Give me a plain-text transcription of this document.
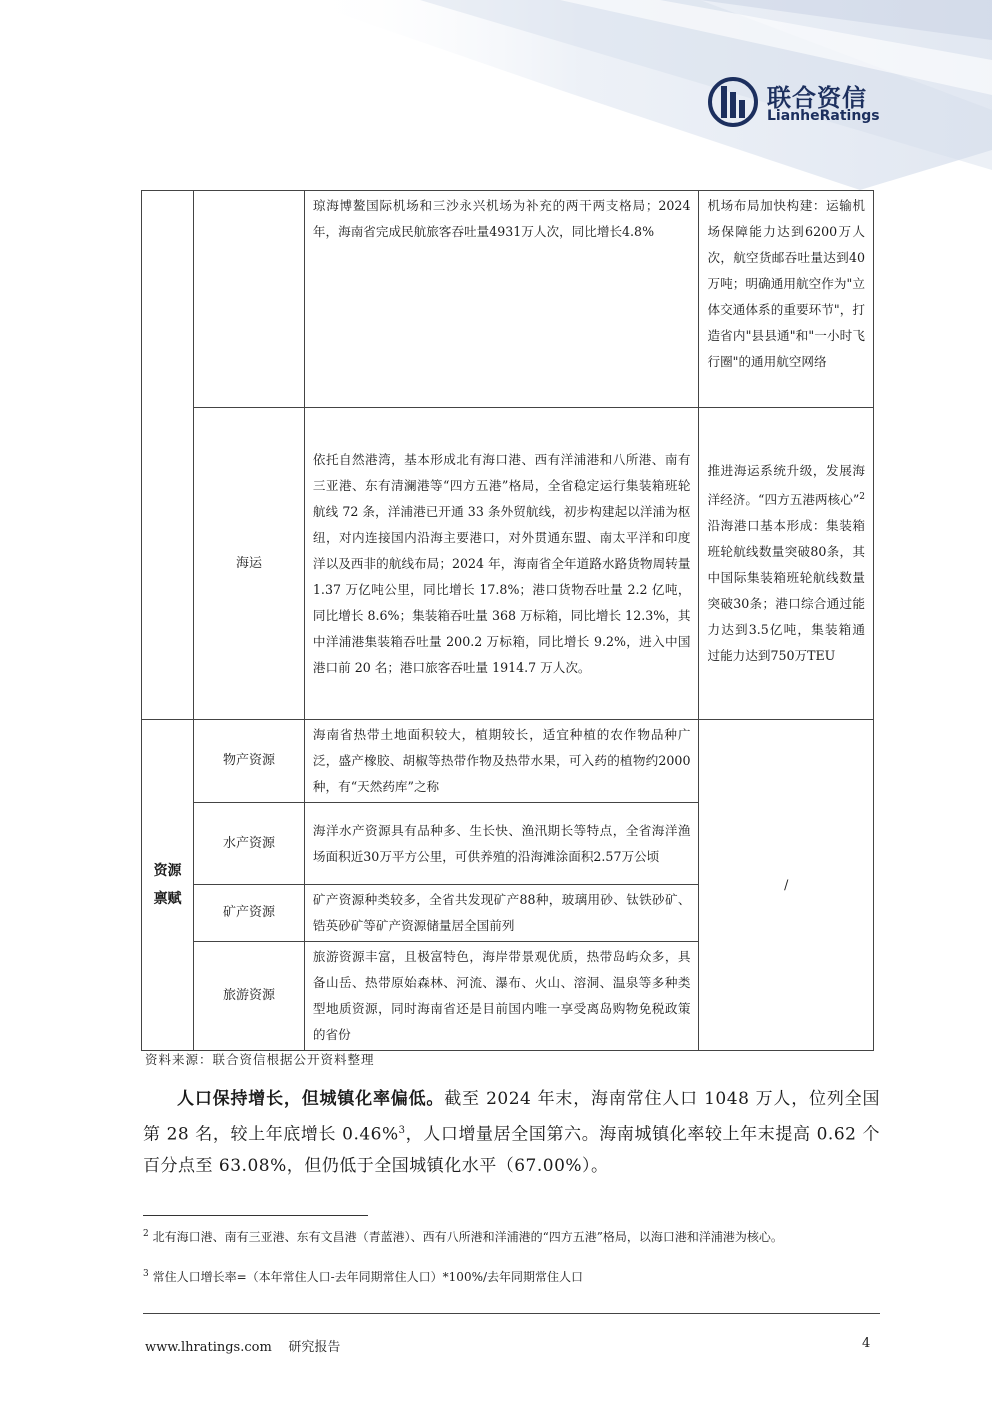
联合资信
LianheRatings
		琼海博鳌国际机场和三沙永兴机场为补充的两干两支格局；2024年，海南省完成民航旅客吞吐量4931万人次，同比增长4.8%	机场布局加快构建：运输机场保障能力达到6200万人次，航空货邮吞吐量达到40万吨；明确通用航空作为"立体交通体系的重要环节"，打造省内"县县通"和"一小时飞行圈"的通用航空网络
	海运	依托自然港湾，基本形成北有海口港、西有洋浦港和八所港、南有三亚港、东有清澜港等“四方五港”格局，全省稳定运行集装箱班轮航线 72 条，洋浦港已开通 33 条外贸航线，初步构建起以洋浦为枢纽，对内连接国内沿海主要港口，对外贯通东盟、南太平洋和印度洋以及西非的航线布局；2024 年，海南省全年道路水路货物周转量 1.37 万亿吨公里，同比增长 17.8%；港口货物吞吐量 2.2 亿吨，同比增长 8.6%；集装箱吞吐量 368 万标箱，同比增长 12.3%，其中洋浦港集装箱吞吐量 200.2 万标箱，同比增长 9.2%，进入中国港口前 20 名；港口旅客吞吐量 1914.7 万人次。	推进海运系统升级，发展海洋经济。“四方五港两核心”$^2$沿海港口基本形成：集装箱班轮航线数量突破80条，其中国际集装箱班轮航线数量突破30条；港口综合通过能力达到3.5亿吨，集装箱通过能力达到750万TEU
资源
禀赋	物产资源	海南省热带土地面积较大，植期较长，适宜种植的农作物品种广泛，盛产橡胶、胡椒等热带作物及热带水果，可入药的植物约2000种，有“天然药库”之称	/
	水产资源	海洋水产资源具有品种多、生长快、渔汛期长等特点，全省海洋渔场面积近30万平方公里，可供养殖的沿海滩涂面积2.57万公顷	
	矿产资源	矿产资源种类较多，全省共发现矿产88种，玻璃用砂、钛铁砂矿、锆英砂矿等矿产资源储量居全国前列	
	旅游资源	旅游资源丰富，且极富特色，海岸带景观优质，热带岛屿众多，具备山岳、热带原始森林、河流、瀑布、火山、溶洞、温泉等多种类型地质资源，同时海南省还是目前国内唯一享受离岛购物免税政策的省份	
资料来源：联合资信根据公开资料整理
人口保持增长，但城镇化率偏低。截至 2024 年末，海南常住人口 1048 万人，位列全国第 28 名，较上年底增长 0.46%$^3$，人口增量居全国第六。海南城镇化率较上年末提高 0.62 个百分点至 63.08%，但仍低于全国城镇化水平（67.00%）。
$^2$ 北有海口港、南有三亚港、东有文昌港（青蓝港）、西有八所港和洋浦港的“四方五港”格局，以海口港和洋浦港为核心。
$^3$ 常住人口增长率=（本年常住人口-去年同期常住人口）*100%/去年同期常住人口
www.lhratings.com 研究报告	4
